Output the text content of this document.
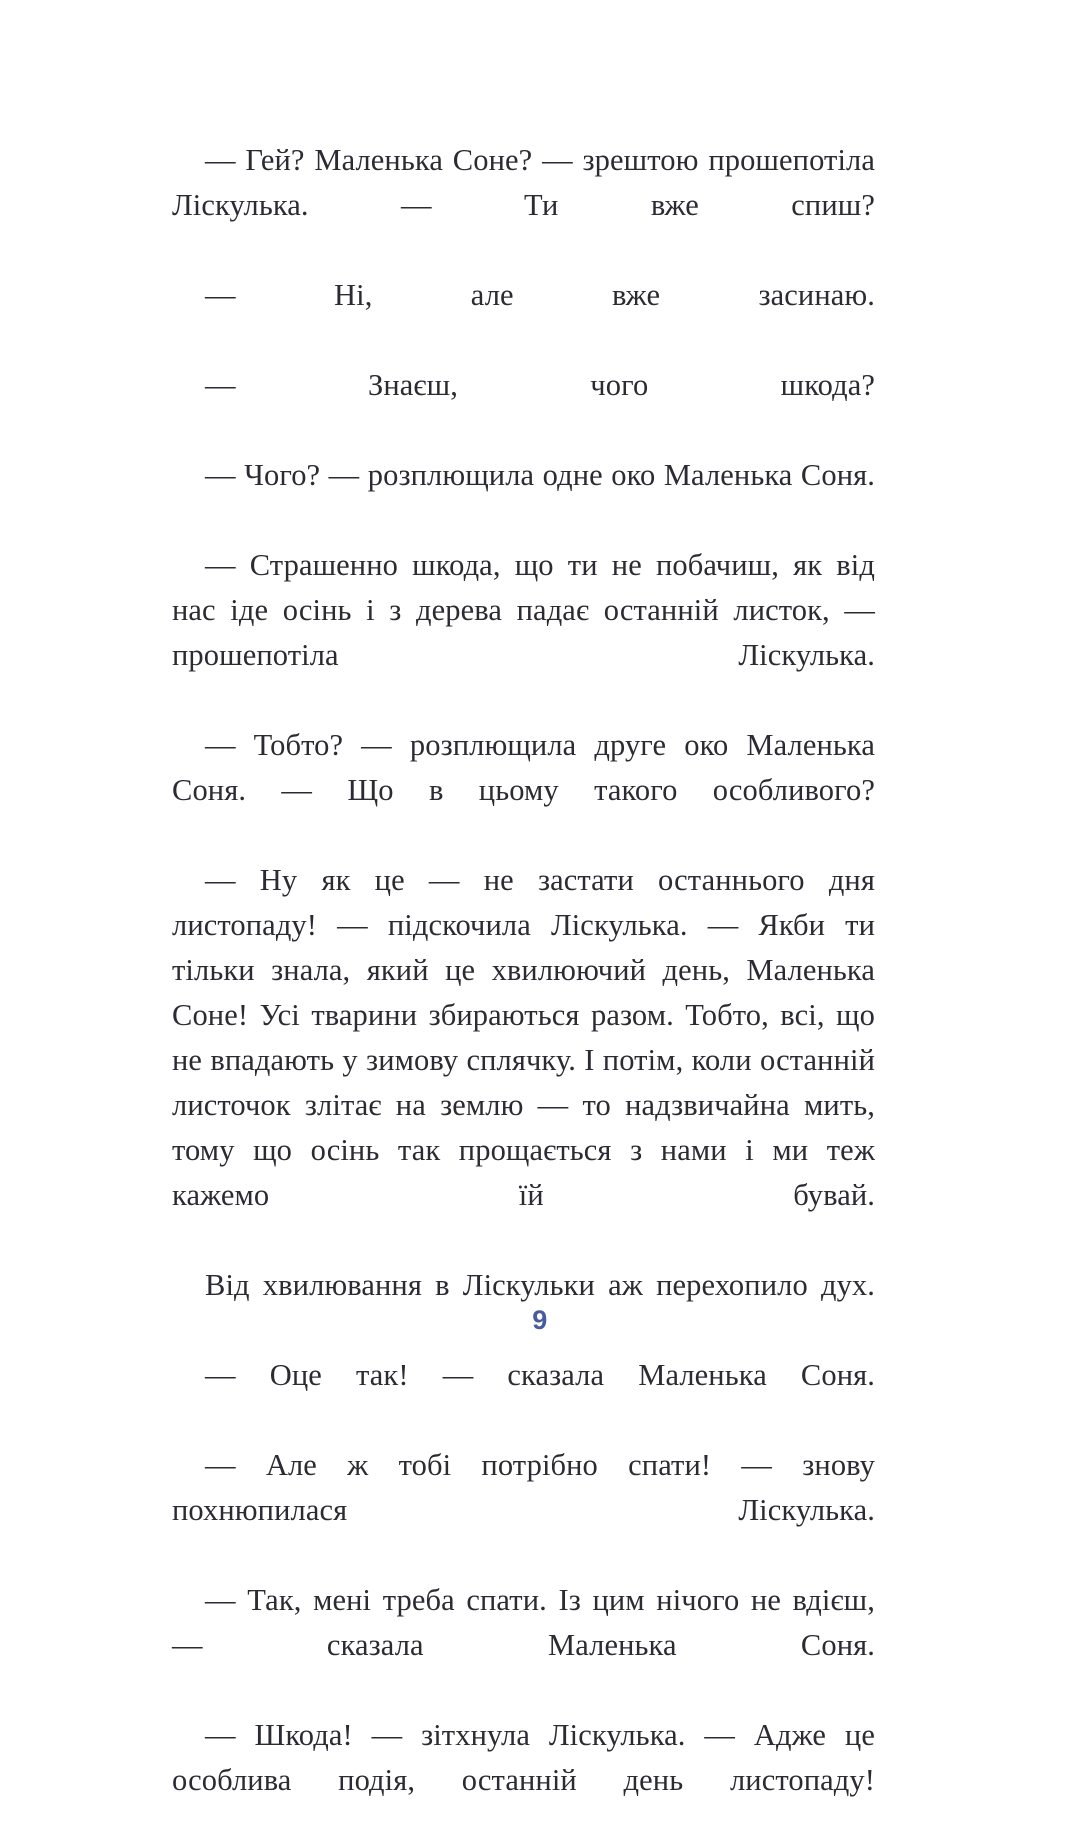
— Гей? Маленька Соне? — зрештою прошепотіла Ліскулька. — Ти вже спиш?

— Ні, але вже засинаю.

— Знаєш, чого шкода?

— Чого? — розплющила одне око Маленька Соня.

— Страшенно шкода, що ти не побачиш, як від нас іде осінь і з дерева падає останній листок, — прошепотіла Ліскулька.

— Тобто? — розплющила друге око Маленька Соня. — Що в цьому такого особливого?

— Ну як це — не застати останнього дня листопаду! — підскочила Ліскулька. — Якби ти тільки знала, який це хвилюючий день, Маленька Соне! Усі тварини збираються разом. Тобто, всі, що не впадають у зимову сплячку. І потім, коли останній листочок злітає на землю — то надзвичайна мить, тому що осінь так прощається з нами і ми теж кажемо їй бувай.

Від хвилювання в Ліскульки аж перехопило дух.

— Оце так! — сказала Маленька Соня.

— Але ж тобі потрібно спати! — знову похнюпилася Ліскулька.

— Так, мені треба спати. Із цим нічого не вдієш, — сказала Маленька Соня.

— Шкода! — зітхнула Ліскулька. — Адже це особлива подія, останній день листопаду!

9
